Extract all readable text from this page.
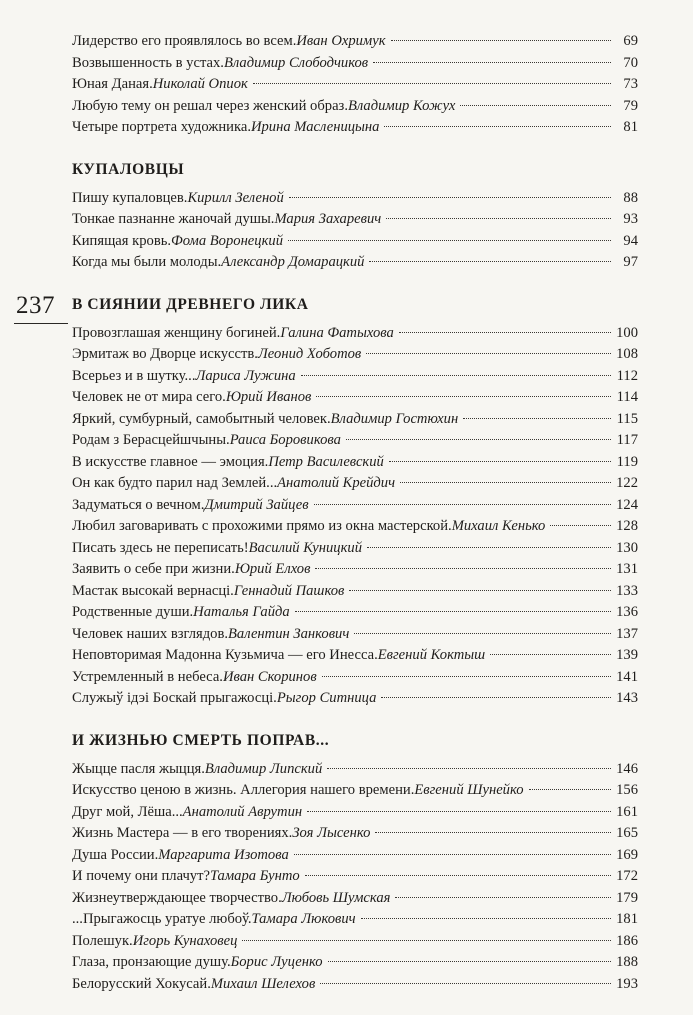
237
Лидерство его проявлялось во всем. Иван Охримук	69
Возвышенность в устах. Владимир Слободчиков	70
Юная Даная. Николай Опиок	73
Любую тему он решал через женский образ. Владимир Кожух	79
Четыре портрета художника. Ирина Масленицына	81
КУПАЛОВЦЫ
Пишу купаловцев. Кирилл Зеленой	88
Тонкае пазнанне жаночай душы. Мария Захаревич	93
Кипящая кровь. Фома Воронецкий	94
Когда мы были молоды. Александр Домарацкий	97
В СИЯНИИ ДРЕВНЕГО ЛИКА
Провозглашая женщину богиней. Галина Фатыхова	100
Эрмитаж во Дворце искусств. Леонид Хоботов	108
Всерьез и в шутку... Лариса Лужина	112
Человек не от мира сего. Юрий Иванов	114
Яркий, сумбурный, самобытный человек. Владимир Гостюхин	115
Родам з Берасцейшчыны. Раиса Боровикова	117
В искусстве главное — эмоция. Петр Василевский	119
Он как будто парил над Землей... Анатолий Крейдич	122
Задуматься о вечном. Дмитрий Зайцев	124
Любил заговаривать с прохожими прямо из окна мастерской. Михаил Кенько	128
Писать здесь не переписать! Василий Куницкий	130
Заявить о себе при жизни. Юрий Елхов	131
Мастак высокай вернасці. Геннадий Пашков	133
Родственные души. Наталья Гайда	136
Человек наших взглядов. Валентин Занкович	137
Неповторимая Мадонна Кузьмича — его Инесса. Евгений Коктыш	139
Устремленный в небеса. Иван Скоринов	141
Служыў ідэі Боскай прыгажосці. Рыгор Ситница	143
И ЖИЗНЬЮ СМЕРТЬ ПОПРАВ...
Жыцце пасля жыцця. Владимир Липский	146
Искусство ценою в жизнь. Аллегория нашего времени. Евгений Шунейко	156
Друг мой, Лёша... Анатолий Аврутин	161
Жизнь Мастера — в его творениях. Зоя Лысенко	165
Душа России. Маргарита Изотова	169
И почему они плачут? Тамара Бунто	172
Жизнеутверждающее творчество. Любовь Шумская	179
...Прыгажосць уратуе любоў. Тамара Люкович	181
Полешук. Игорь Кунаховец	186
Глаза, пронзающие душу. Борис Луценко	188
Белорусский Хокусай. Михаил Шелехов	193
